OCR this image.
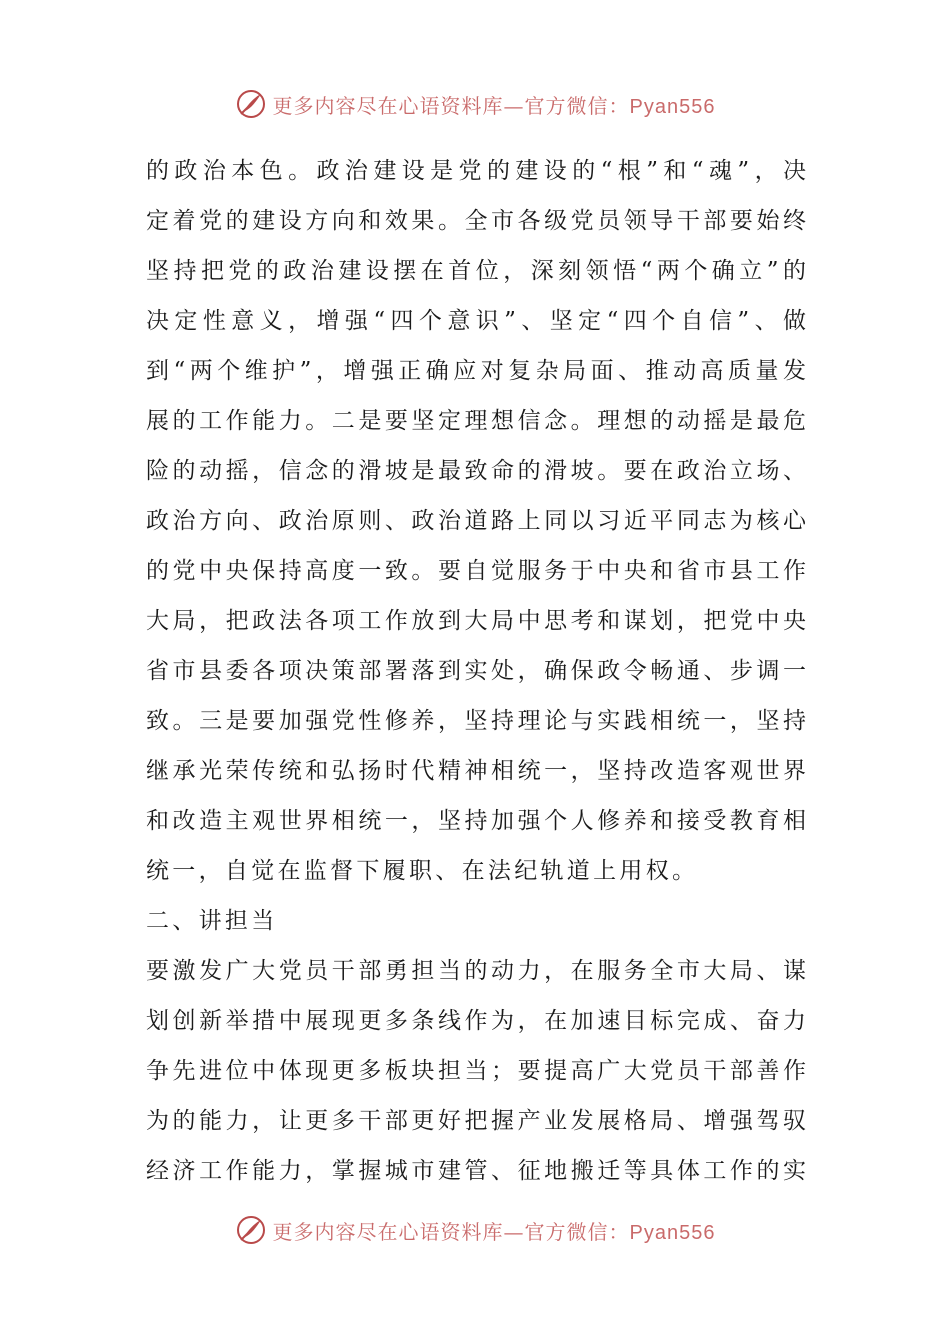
更多内容尽在心语资料库—官方微信：Pyan556
的政治本色。政治建设是党的建设的“根”和“魂”，决
定着党的建设方向和效果。全市各级党员领导干部要始终
坚持把党的政治建设摆在首位，深刻领悟“两个确立”的
决定性意义，增强“四个意识”、坚定“四个自信”、做
到“两个维护”，增强正确应对复杂局面、推动高质量发
展的工作能力。二是要坚定理想信念。理想的动摇是最危
险的动摇，信念的滑坡是最致命的滑坡。要在政治立场、
政治方向、政治原则、政治道路上同以习近平同志为核心
的党中央保持高度一致。要自觉服务于中央和省市县工作
大局，把政法各项工作放到大局中思考和谋划，把党中央
省市县委各项决策部署落到实处，确保政令畅通、步调一
致。三是要加强党性修养，坚持理论与实践相统一，坚持
继承光荣传统和弘扬时代精神相统一，坚持改造客观世界
和改造主观世界相统一，坚持加强个人修养和接受教育相
统一，自觉在监督下履职、在法纪轨道上用权。
二、讲担当
要激发广大党员干部勇担当的动力，在服务全市大局、谋
划创新举措中展现更多条线作为，在加速目标完成、奋力
争先进位中体现更多板块担当；要提高广大党员干部善作
为的能力，让更多干部更好把握产业发展格局、增强驾驭
经济工作能力，掌握城市建管、征地搬迁等具体工作的实
更多内容尽在心语资料库—官方微信：Pyan556
